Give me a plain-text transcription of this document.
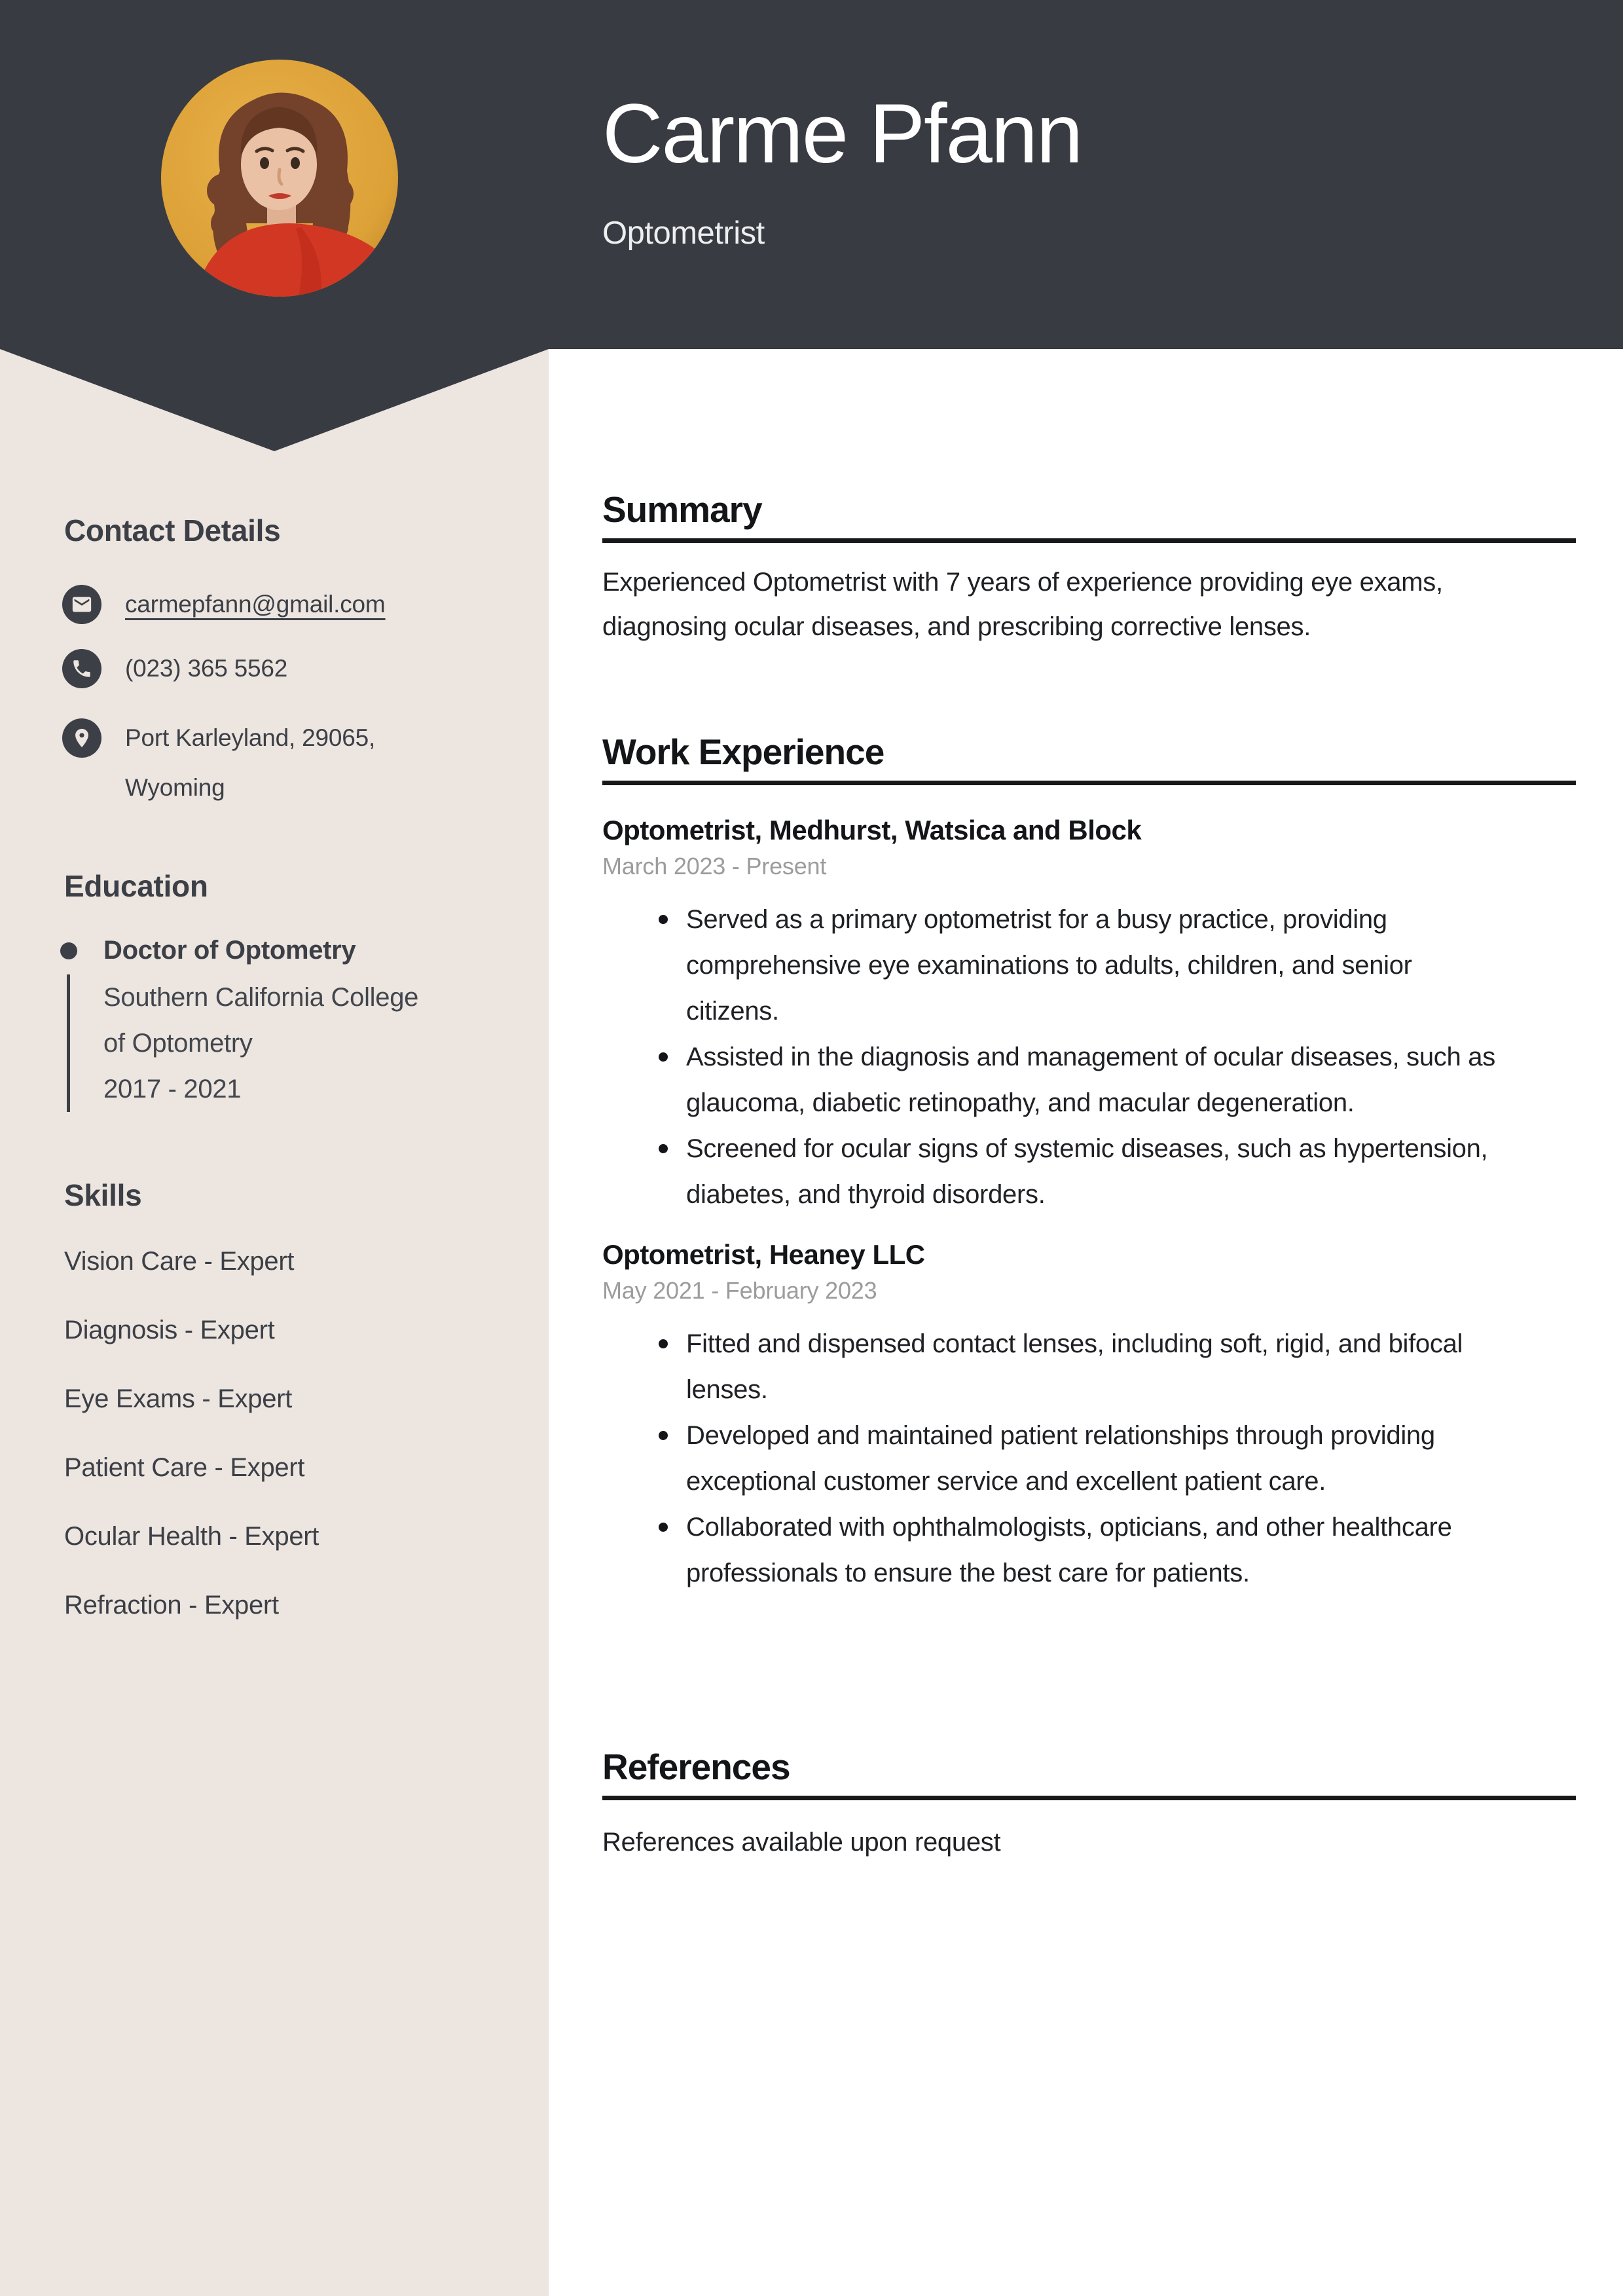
Carme Pfann
Optometrist
Contact Details
carmepfann@gmail.com
(023) 365 5562
Port Karleyland, 29065, Wyoming
Education
Doctor of Optometry
Southern California College of Optometry
2017 - 2021
Skills
Vision Care - Expert
Diagnosis - Expert
Eye Exams - Expert
Patient Care - Expert
Ocular Health - Expert
Refraction - Expert
Summary

Experienced Optometrist with 7 years of experience providing eye exams, diagnosing ocular diseases, and prescribing corrective lenses.

Work Experience
Optometrist, Medhurst, Watsica and Block
March 2023 - Present
Served as a primary optometrist for a busy practice, providing comprehensive eye examinations to adults, children, and senior citizens.
Assisted in the diagnosis and management of ocular diseases, such as glaucoma, diabetic retinopathy, and macular degeneration.
Screened for ocular signs of systemic diseases, such as hypertension, diabetes, and thyroid disorders.
Optometrist, Heaney LLC
May 2021 - February 2023
Fitted and dispensed contact lenses, including soft, rigid, and bifocal lenses.
Developed and maintained patient relationships through providing exceptional customer service and excellent patient care.
Collaborated with ophthalmologists, opticians, and other healthcare professionals to ensure the best care for patients.
References

References available upon request
